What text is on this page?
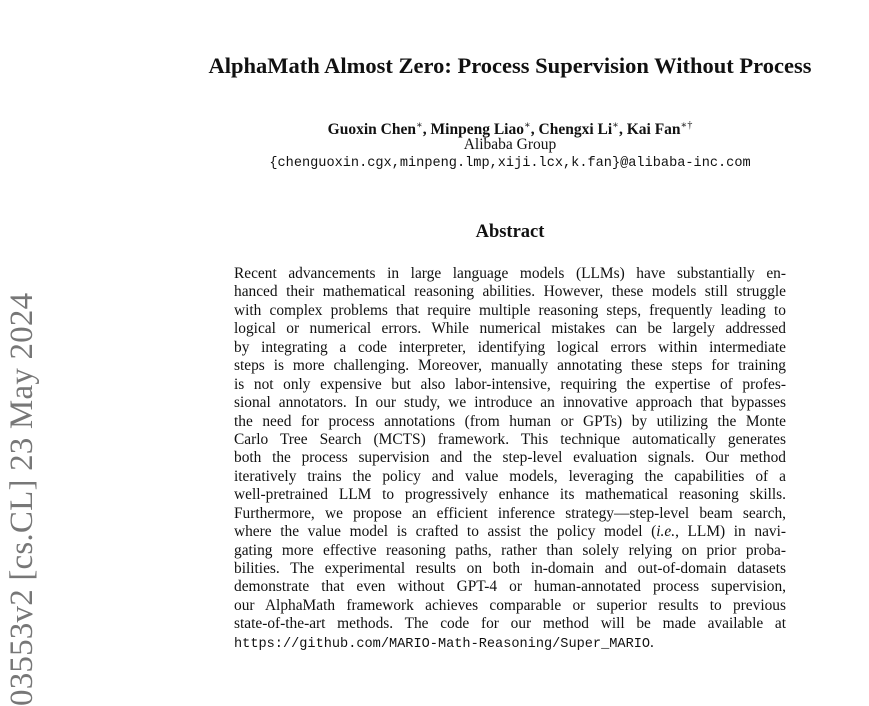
03553v2 [cs.CL] 23 May 2024
AlphaMath Almost Zero: Process Supervision Without Process
Guoxin Chen∗, Minpeng Liao∗, Chengxi Li∗, Kai Fan∗†
Alibaba Group
{chenguoxin.cgx,minpeng.lmp,xiji.lcx,k.fan}@alibaba-inc.com
Abstract
Recent advancements in large language models (LLMs) have substantially en-
hanced their mathematical reasoning abilities. However, these models still struggle
with complex problems that require multiple reasoning steps, frequently leading to
logical or numerical errors. While numerical mistakes can be largely addressed
by integrating a code interpreter, identifying logical errors within intermediate
steps is more challenging. Moreover, manually annotating these steps for training
is not only expensive but also labor-intensive, requiring the expertise of profes-
sional annotators. In our study, we introduce an innovative approach that bypasses
the need for process annotations (from human or GPTs) by utilizing the Monte
Carlo Tree Search (MCTS) framework. This technique automatically generates
both the process supervision and the step-level evaluation signals. Our method
iteratively trains the policy and value models, leveraging the capabilities of a
well-pretrained LLM to progressively enhance its mathematical reasoning skills.
Furthermore, we propose an efficient inference strategy—step-level beam search,
where the value model is crafted to assist the policy model (i.e., LLM) in navi-
gating more effective reasoning paths, rather than solely relying on prior proba-
bilities. The experimental results on both in-domain and out-of-domain datasets
demonstrate that even without GPT-4 or human-annotated process supervision,
our AlphaMath framework achieves comparable or superior results to previous
state-of-the-art methods. The code for our method will be made available at
https://github.com/MARIO-Math-Reasoning/Super_MARIO.
